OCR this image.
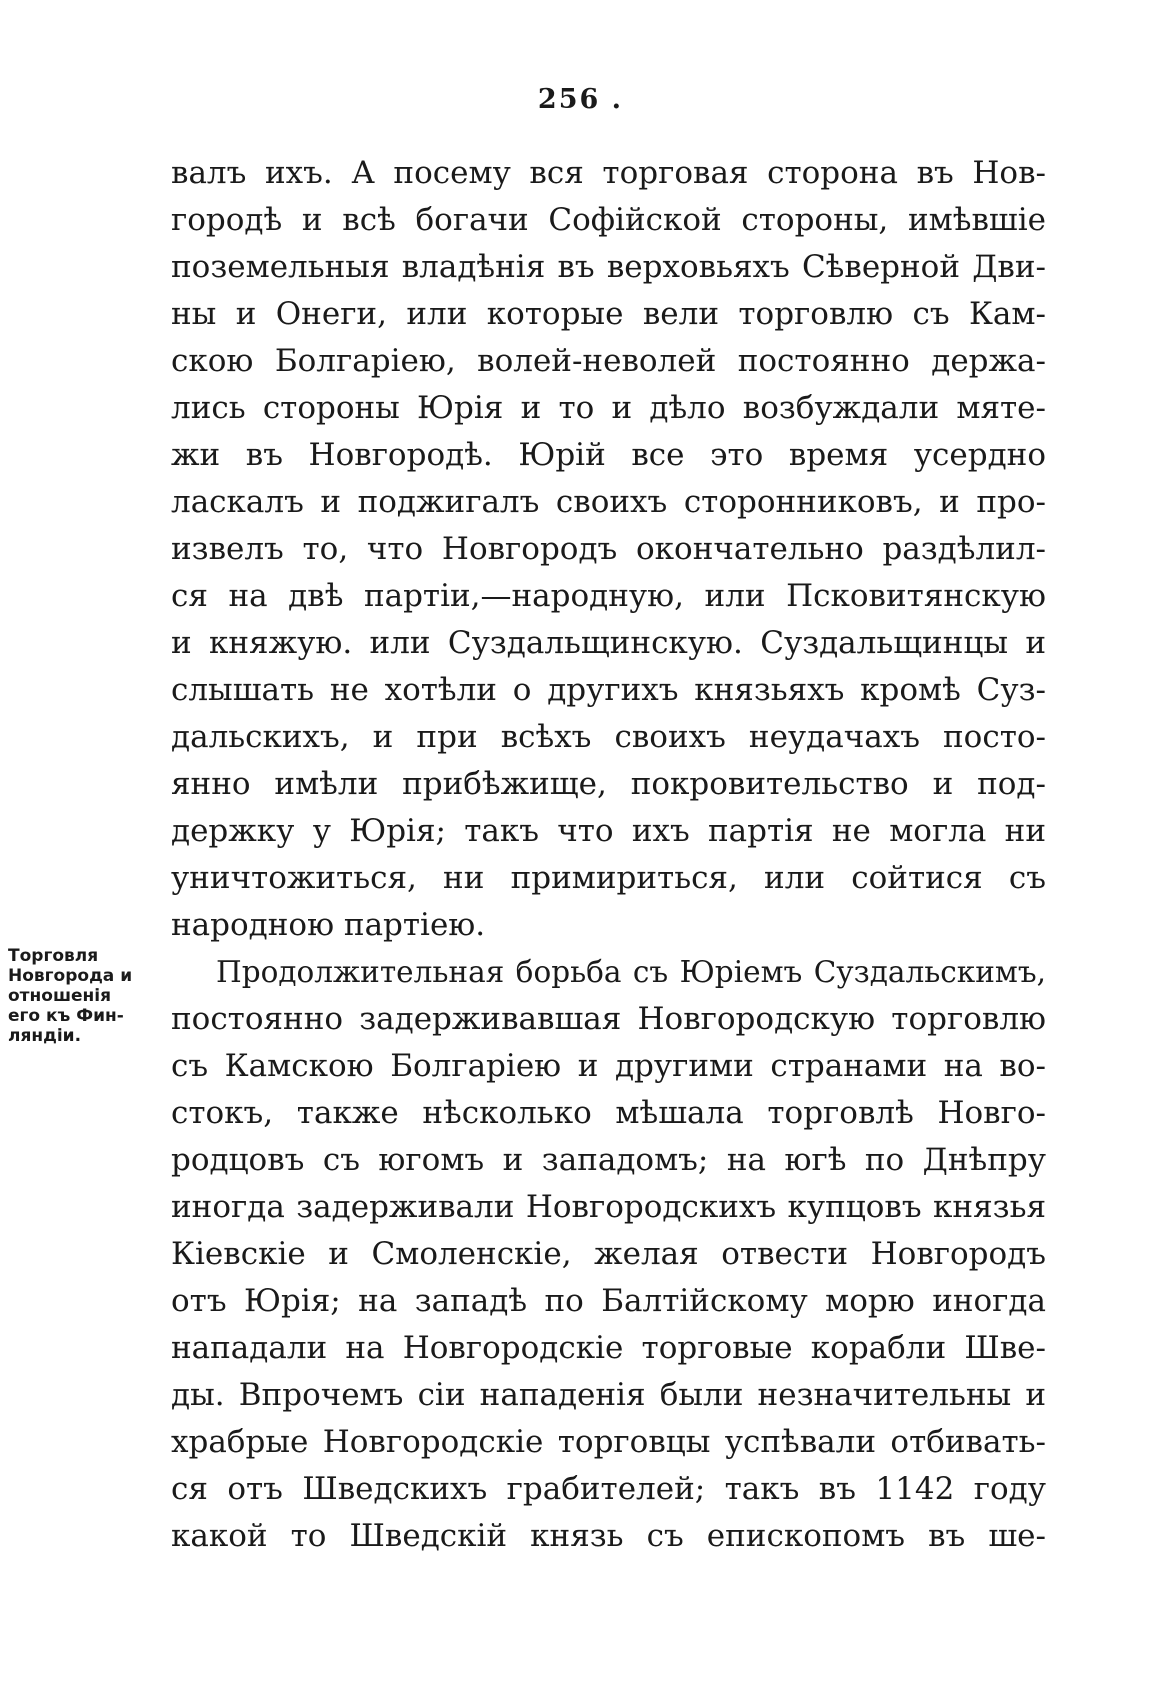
256 .
Торговля
Новгорода и
отношенія
его къ Фин-
ляндіи.
валъ ихъ. А посему вся торговая сторона въ Нов-
городѣ и всѣ богачи Софійской стороны, имѣвшіе
поземельныя владѣнія въ верховьяхъ Сѣверной Дви-
ны и Онеги, или которые вели торговлю съ Кам-
скою Болгаріею, волей-неволей постоянно держа-
лись стороны Юрія и то и дѣло возбуждали мяте-
жи въ Новгородѣ. Юрій все это время усердно
ласкалъ и поджигалъ своихъ сторонниковъ, и про-
извелъ то, что Новгородъ окончательно раздѣлил-
ся на двѣ партіи,—народную, или Псковитянскую
и княжую. или Суздальщинскую. Суздальщинцы и
слышать не хотѣли о другихъ князьяхъ кромѣ Суз-
дальскихъ, и при всѣхъ своихъ неудачахъ посто-
янно имѣли прибѣжище, покровительство и под-
держку у Юрія; такъ что ихъ партія не могла ни
уничтожиться, ни примириться, или сойтися съ
народною партіею.
Продолжительная борьба съ Юріемъ Суздальскимъ,
постоянно задерживавшая Новгородскую торговлю
съ Камскою Болгаріею и другими странами на во-
стокъ, также нѣсколько мѣшала торговлѣ Новго-
родцовъ съ югомъ и западомъ; на югѣ по Днѣпру
иногда задерживали Новгородскихъ купцовъ князья
Кіевскіе и Смоленскіе, желая отвести Новгородъ
отъ Юрія; на западѣ по Балтійскому морю иногда
нападали на Новгородскіе торговые корабли Шве-
ды. Впрочемъ сіи нападенія были незначительны и
храбрые Новгородскіе торговцы успѣвали отбивать-
ся отъ Шведскихъ грабителей; такъ въ 1142 году
какой то Шведскій князь съ епископомъ въ ше-
